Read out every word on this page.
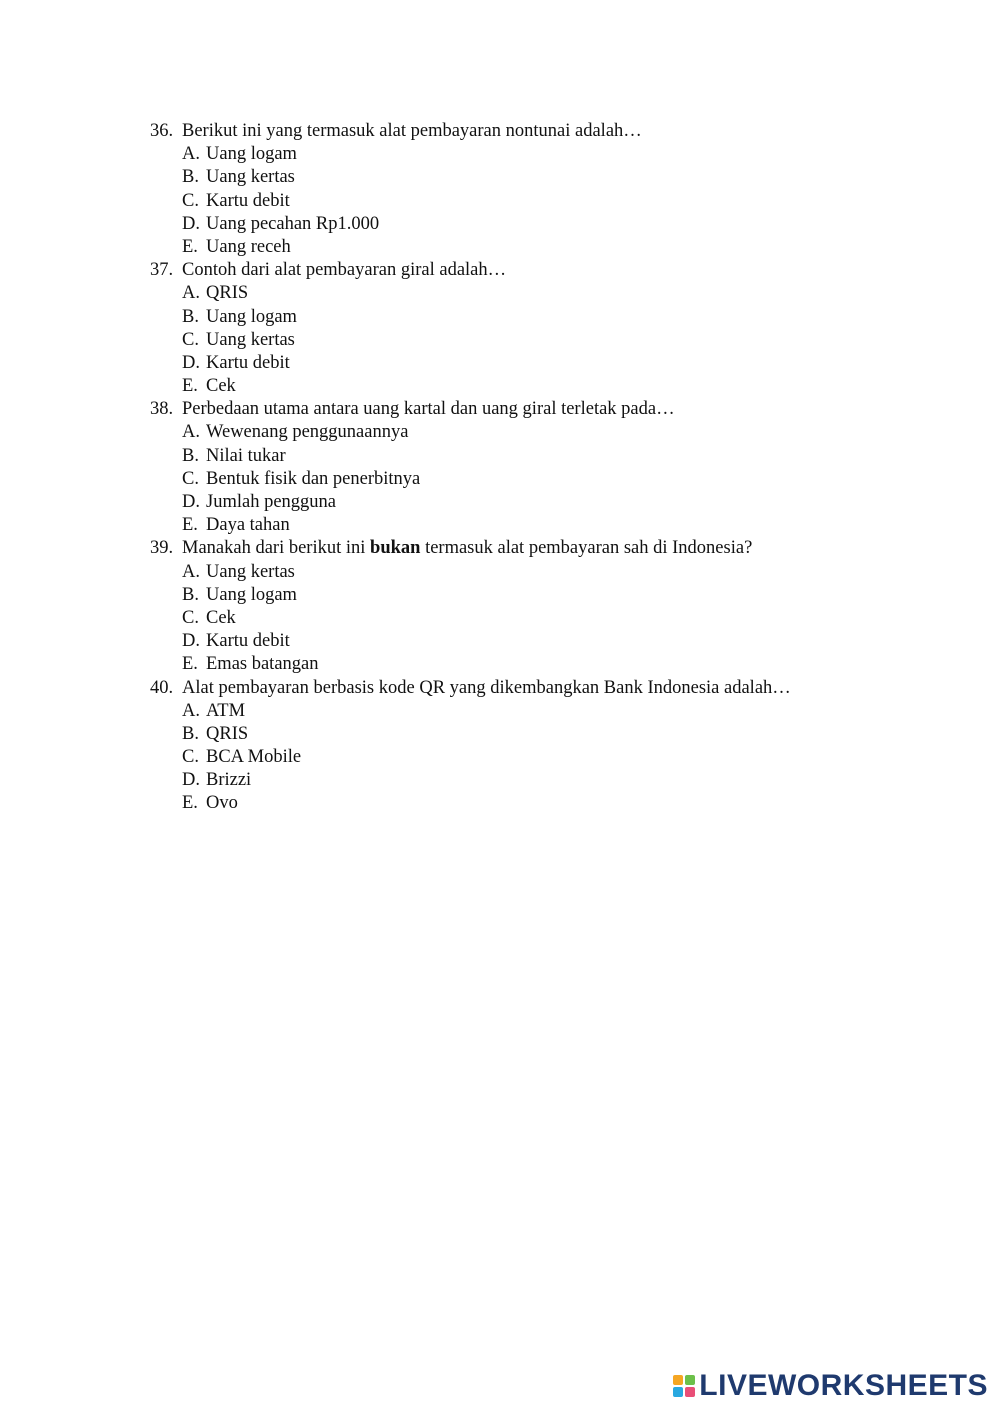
36. Berikut ini yang termasuk alat pembayaran nontunai adalah…
A. Uang logam
B. Uang kertas
C. Kartu debit
D. Uang pecahan Rp1.000
E. Uang receh
37. Contoh dari alat pembayaran giral adalah…
A. QRIS
B. Uang logam
C. Uang kertas
D. Kartu debit
E. Cek
38. Perbedaan utama antara uang kartal dan uang giral terletak pada…
A. Wewenang penggunaannya
B. Nilai tukar
C. Bentuk fisik dan penerbitnya
D. Jumlah pengguna
E. Daya tahan
39. Manakah dari berikut ini bukan termasuk alat pembayaran sah di Indonesia?
A. Uang kertas
B. Uang logam
C. Cek
D. Kartu debit
E. Emas batangan
40. Alat pembayaran berbasis kode QR yang dikembangkan Bank Indonesia adalah…
A. ATM
B. QRIS
C. BCA Mobile
D. Brizzi
E. Ovo
LIVEWORKSHEETS
